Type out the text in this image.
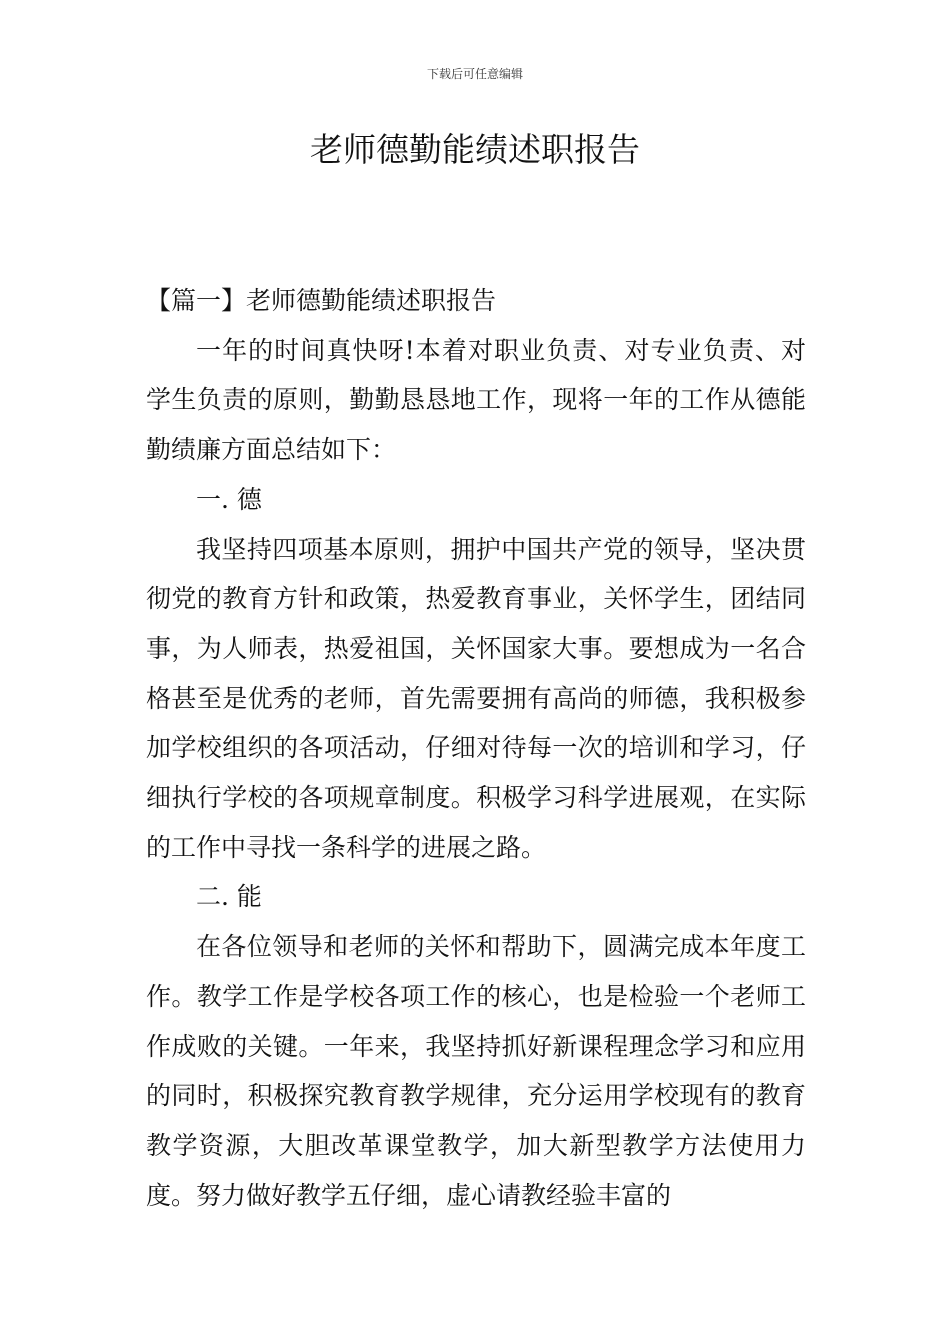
下载后可任意编辑
老师德勤能绩述职报告

【篇一】老师德勤能绩述职报告

一年的时间真快呀!本着对职业负责、对专业负责、对学生负责的原则，勤勤恳恳地工作，现将一年的工作从德能勤绩廉方面总结如下：

一. 德

我坚持四项基本原则，拥护中国共产党的领导，坚决贯彻党的教育方针和政策，热爱教育事业，关怀学生，团结同事，为人师表，热爱祖国，关怀国家大事。要想成为一名合格甚至是优秀的老师，首先需要拥有高尚的师德，我积极参加学校组织的各项活动，仔细对待每一次的培训和学习，仔细执行学校的各项规章制度。积极学习科学进展观，在实际的工作中寻找一条科学的进展之路。

二. 能

在各位领导和老师的关怀和帮助下，圆满完成本年度工作。教学工作是学校各项工作的核心，也是检验一个老师工作成败的关键。一年来，我坚持抓好新课程理念学习和应用的同时，积极探究教育教学规律，充分运用学校现有的教育教学资源，大胆改革课堂教学，加大新型教学方法使用力度。努力做好教学五仔细，虚心请教经验丰富的
